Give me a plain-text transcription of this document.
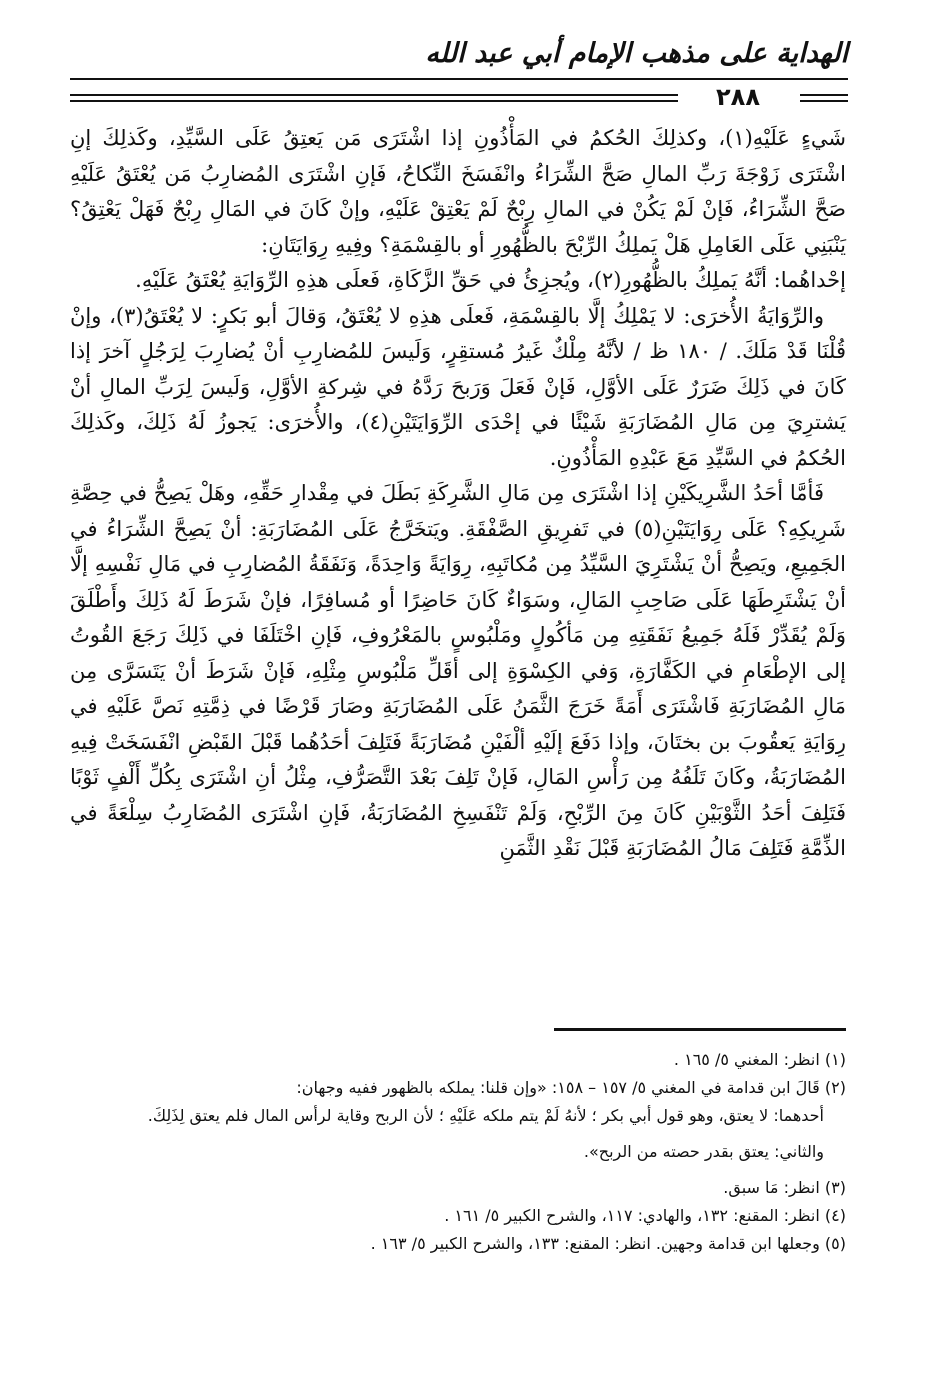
الهداية على مذهب الإمام أبي عبد الله
٢٨٨

شَيءٍ عَلَيْهِ(١)، وكذلِكَ الحُكمُ في المَأْذُونِ إذا اشْتَرَى مَن يَعتِقُ عَلَى السَّيِّدِ، وكَذلِكَ إنِ اشْتَرَى زَوْجَةَ رَبِّ المالِ صَحَّ الشِّرَاءُ وانْفَسَخَ النِّكاحُ، فَإنِ اشْتَرَى المُضارِبُ مَن يُعْتَقُ عَلَيْهِ صَحَّ الشِّرَاءُ، فَإنْ لَمْ يَكُنْ في المالِ رِبْحٌ لَمْ يَعْتِقْ عَلَيْهِ، وإنْ كَانَ في المَالِ رِبْحٌ فَهَلْ يَعْتِقُ؟ يَنْبَنِي عَلَى العَامِلِ هَلْ يَملِكُ الرِّبْحَ بالظُّهُورِ أو بالقِسْمَةِ؟ وفِيهِ رِوَايَتَانِ:

إحْداهُما: أنَّهُ يَملِكُ بالظُّهُورِ(٢)، ويُجزِئُ في حَقِّ الزَّكَاةِ، فَعلَى هذِهِ الرِّوَايَةِ يُعْتَقُ عَلَيْهِ.

والرِّوَايَةُ الأُخرَى: لا يَمْلِكُ إلَّا بالقِسْمَةِ، فَعلَى هذِهِ لا يُعْتَقُ، وَقالَ أبو بَكرٍ: لا يُعْتَقُ(٣)، وإنْ قُلْنَا قَدْ مَلَكَ. / ١٨٠ ظ / لأنَّهُ مِلْكٌ غَيرُ مُستقِرٍ، وَلَيسَ للمُضارِبِ أنْ يُضارِبَ لِرَجُلٍ آخرَ إذا كَانَ في ذَلِكَ ضَرَرٌ عَلَى الأوَّلِ، فَإنْ فَعَلَ وَرَبحَ رَدَّهُ في شِركةِ الأوَّلِ، وَلَيسَ لِرَبِّ المالِ أنْ يَشترِيَ مِن مَالِ المُضَارَبَةِ شَيْئًا في إحْدَى الرِّوَايَتَيْنِ(٤)، والأُخرَى: يَجوزُ لَهُ ذَلِكَ، وكَذلِكَ الحُكمُ في السَّيِّدِ مَعَ عَبْدِهِ المَأْذُونِ.

فَأمَّا أحَدُ الشَّرِيكَيْنِ إذا اشْتَرَى مِن مَالِ الشَّرِكَةِ بَطَلَ في مِقْدارِ حَقِّهِ، وهَلْ يَصِحُّ في حِصَّةِ شَرِيكِهِ؟ عَلَى رِوَايَتَيْنِ(٥) في تَفرِيقِ الصَّفْقَةِ. ويَتخَرَّجُ عَلَى المُضَارَبَةِ: أنْ يَصِحَّ الشِّرَاءُ في الجَمِيعِ، ويَصِحُّ أنْ يَشْتَرِيَ السَّيِّدُ مِن مُكاتَبِهِ، رِوَايَةً وَاحِدَةً، وَنَفَقَةُ المُضارِبِ في مَالِ نَفْسِهِ إلَّا أنْ يَشْتَرِطَهَا عَلَى صَاحِبِ المَالِ، وسَوَاءٌ كَانَ حَاضِرًا أو مُسافِرًا، فإنْ شَرَطَ لَهُ ذَلِكَ وأَطْلَقَ وَلَمْ يُقَدِّرْ فَلَهُ جَمِيعُ نَفَقَتِهِ مِن مَأكُولٍ ومَلْبُوسٍ بالمَعْرُوفِ، فَإنِ اخْتَلَفَا في ذَلِكَ رَجَعَ القُوتُ إلى الإطْعَامِ في الكَفَّارَةِ، وَفي الكِسْوَةِ إلى أقَلِّ مَلْبُوسِ مِثْلِهِ، فَإنْ شَرَطَ أنْ يَتَسَرَّى مِن مَالِ المُضَارَبَةِ فَاشْتَرَى أَمَةً خَرَجَ الثَّمَنُ عَلَى المُضَارَبَةِ وصَارَ قَرْضًا في ذِمَّتِهِ نَصَّ عَلَيْهِ في رِوَايَةِ يَعقُوبَ بن بختَانَ، وإذا دَفَعَ إلَيْهِ ألْفَيْنِ مُضَارَبَةً فَتَلِفَ أحَدُهُما قَبْلَ القَبْضِ انْفَسَخَتْ فِيهِ المُضَارَبَةُ، وكَانَ تَلَفُهُ مِن رَأْسِ المَالِ، فَإنْ تَلِفَ بَعْدَ التَّصَرُّفِ، مِثْلُ أنِ اشْتَرَى بِكُلِّ أَلْفٍ ثَوْبًا فَتَلِفَ أحَدُ الثَّوْبَيْنِ كَانَ مِنَ الرِّبْحِ، وَلَمْ تَنْفَسِخِ المُضَارَبَةُ، فَإنِ اشْتَرَى المُضَارِبُ سِلْعَةً في الذِّمَّةِ فَتَلِفَ مَالُ المُضَارَبَةِ قَبْلَ نَقْدِ الثَّمَنِ

(١) انظر: المغني ٥/ ١٦٥ .

(٢) قَالَ ابن قدامة في المغني ٥/ ١٥٧ – ١٥٨: «وإن قلنا: يملكه بالظهور ففيه وجهان:

أحدهما: لا يعتق، وهو قول أبي بكر ؛ لأنهُ لَمْ يتم ملكه عَلَيْهِ ؛ لأن الربح وقاية لرأس المال فلم يعتق لِذَلِكَ.

والثاني: يعتق بقدر حصته من الربح».

(٣) انظر: مَا سبق.

(٤) انظر: المقنع: ١٣٢، والهادي: ١١٧، والشرح الكبير ٥/ ١٦١ .

(٥) وجعلها ابن قدامة وجهين. انظر: المقنع: ١٣٣، والشرح الكبير ٥/ ١٦٣ .
